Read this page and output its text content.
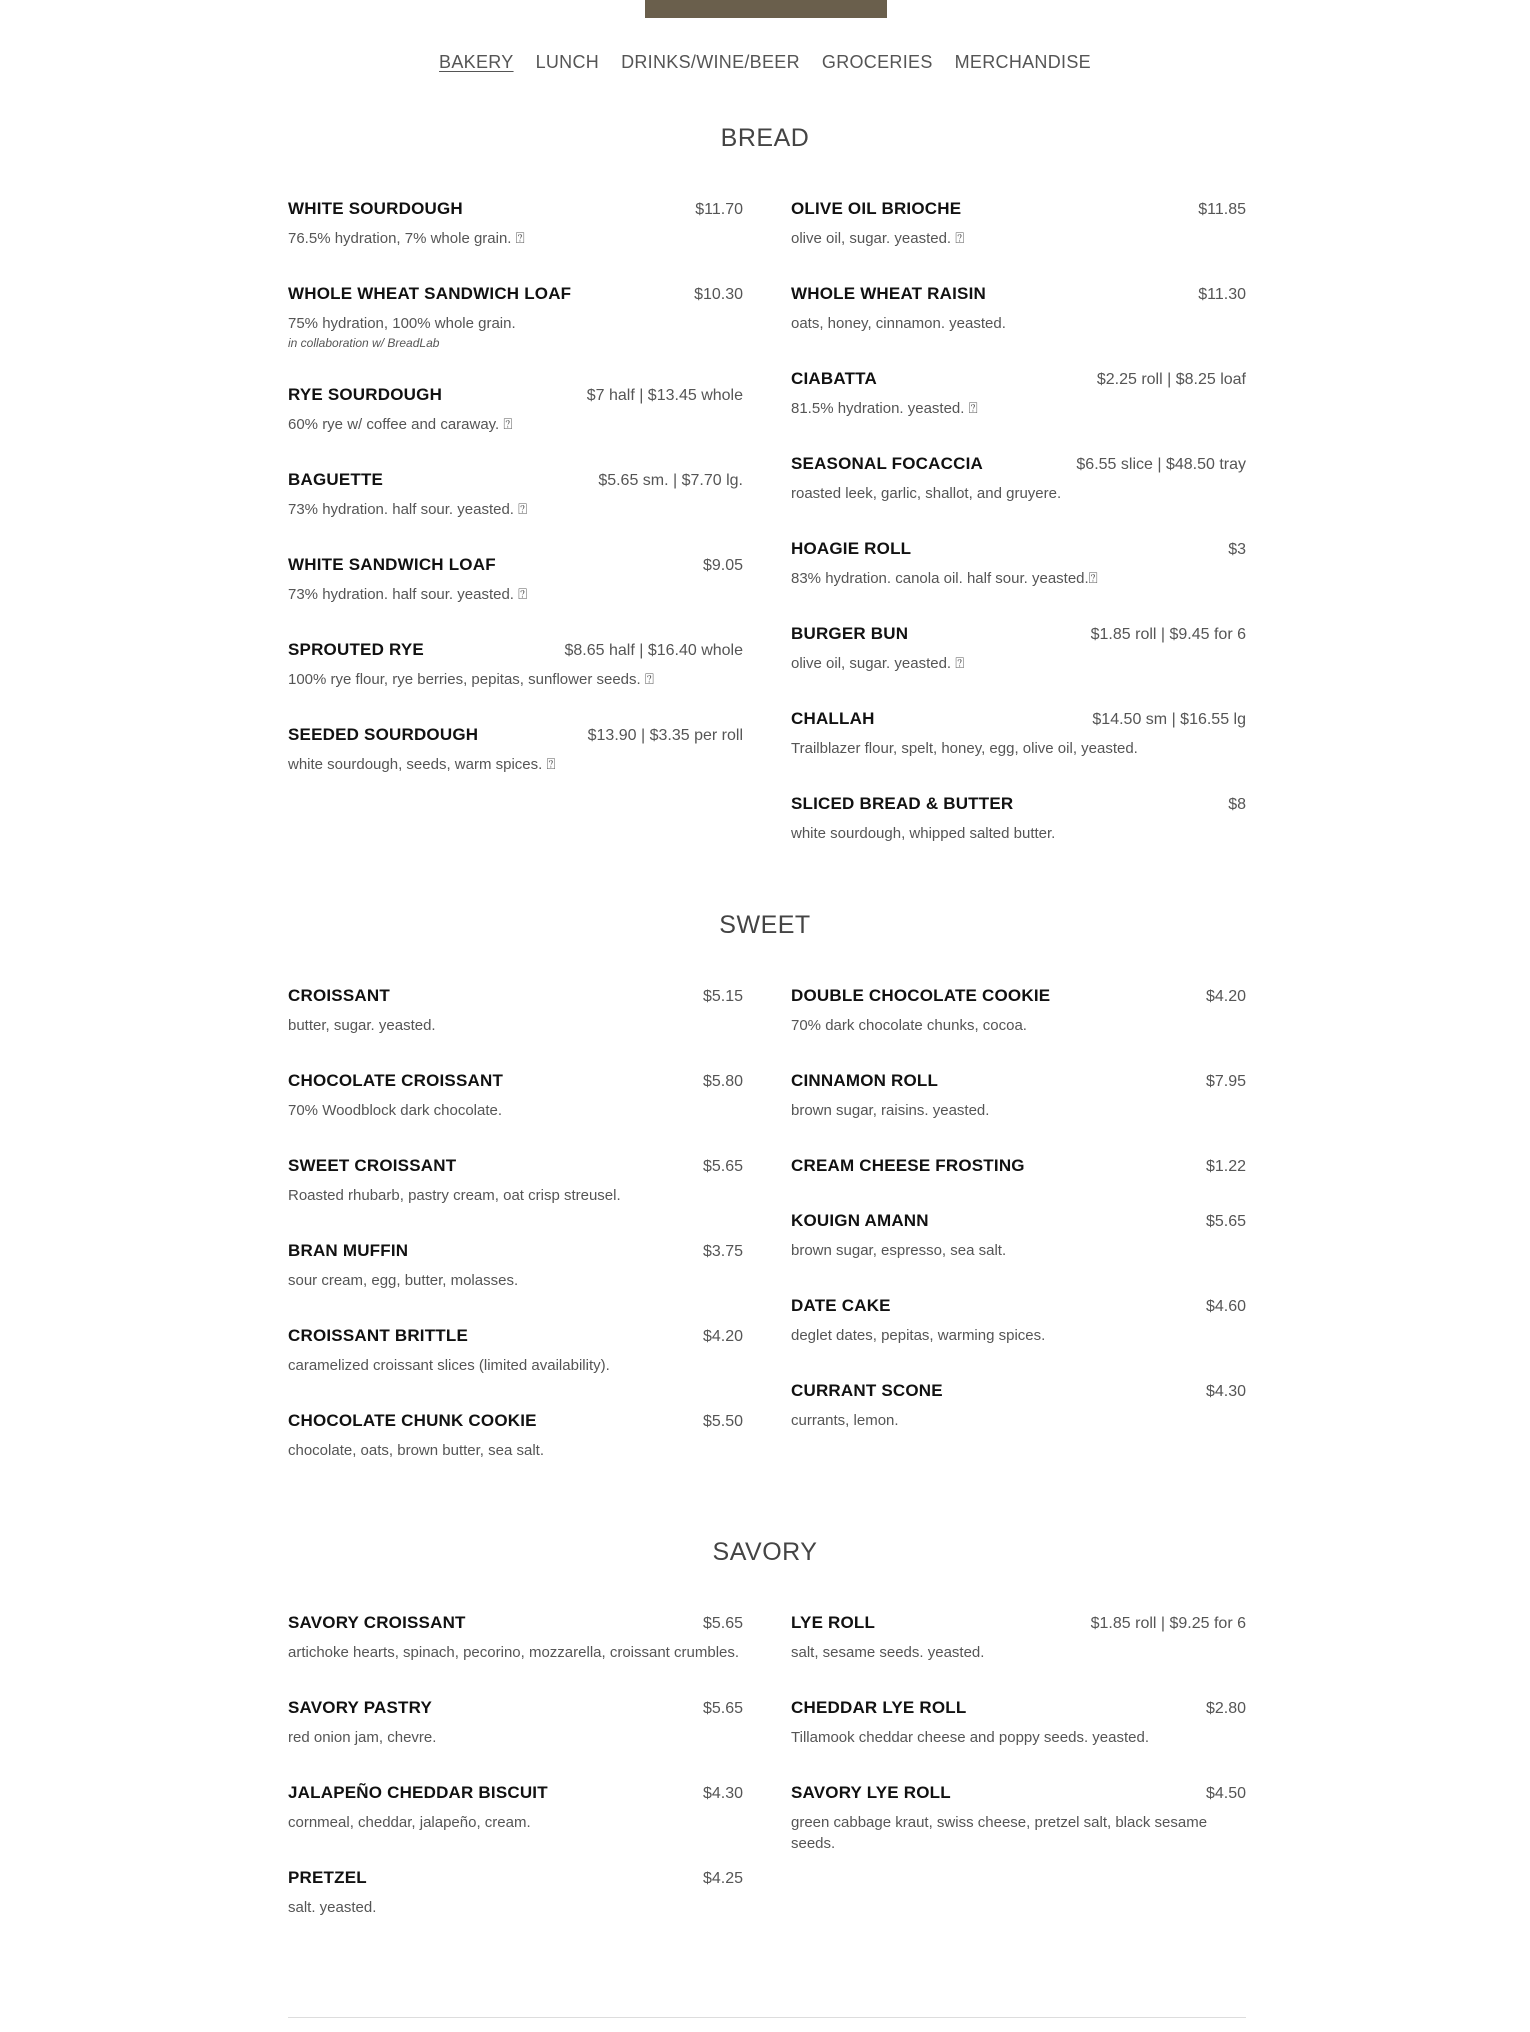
BAKERY LUNCH DRINKS/WINE/BEER GROCERIES MERCHANDISE
BREAD
WHITE SOURDOUGH	$11.70
76.5% hydration, 7% whole grain. ⍰
WHOLE WHEAT SANDWICH LOAF	$10.30
75% hydration, 100% whole grain.
in collaboration w/ BreadLab
RYE SOURDOUGH	$7 half | $13.45 whole
60% rye w/ coffee and caraway. ⍰
BAGUETTE	$5.65 sm. | $7.70 lg.
73% hydration. half sour. yeasted. ⍰
WHITE SANDWICH LOAF	$9.05
73% hydration. half sour. yeasted. ⍰
SPROUTED RYE	$8.65 half | $16.40 whole
100% rye flour, rye berries, pepitas, sunflower seeds. ⍰
SEEDED SOURDOUGH	$13.90 | $3.35 per roll
white sourdough, seeds, warm spices. ⍰
OLIVE OIL BRIOCHE	$11.85
olive oil, sugar. yeasted. ⍰
WHOLE WHEAT RAISIN	$11.30
oats, honey, cinnamon. yeasted.
CIABATTA	$2.25 roll | $8.25 loaf
81.5% hydration. yeasted. ⍰
SEASONAL FOCACCIA	$6.55 slice | $48.50 tray
roasted leek, garlic, shallot, and gruyere.
HOAGIE ROLL	$3
83% hydration. canola oil. half sour. yeasted.⍰
BURGER BUN	$1.85 roll | $9.45 for 6
olive oil, sugar. yeasted. ⍰
CHALLAH	$14.50 sm | $16.55 lg
Trailblazer flour, spelt, honey, egg, olive oil, yeasted.
SLICED BREAD & BUTTER	$8
white sourdough, whipped salted butter.
SWEET
CROISSANT	$5.15
butter, sugar. yeasted.
CHOCOLATE CROISSANT	$5.80
70% Woodblock dark chocolate.
SWEET CROISSANT	$5.65
Roasted rhubarb, pastry cream, oat crisp streusel.
BRAN MUFFIN	$3.75
sour cream, egg, butter, molasses.
CROISSANT BRITTLE	$4.20
caramelized croissant slices (limited availability).
CHOCOLATE CHUNK COOKIE	$5.50
chocolate, oats, brown butter, sea salt.
DOUBLE CHOCOLATE COOKIE	$4.20
70% dark chocolate chunks, cocoa.
CINNAMON ROLL	$7.95
brown sugar, raisins. yeasted.
CREAM CHEESE FROSTING	$1.22
KOUIGN AMANN	$5.65
brown sugar, espresso, sea salt.
DATE CAKE	$4.60
deglet dates, pepitas, warming spices.
CURRANT SCONE	$4.30
currants, lemon.
SAVORY
SAVORY CROISSANT	$5.65
artichoke hearts, spinach, pecorino, mozzarella, croissant crumbles.
SAVORY PASTRY	$5.65
red onion jam, chevre.
JALAPEÑO CHEDDAR BISCUIT	$4.30
cornmeal, cheddar, jalapeño, cream.
PRETZEL	$4.25
salt. yeasted.
LYE ROLL	$1.85 roll | $9.25 for 6
salt, sesame seeds. yeasted.
CHEDDAR LYE ROLL	$2.80
Tillamook cheddar cheese and poppy seeds. yeasted.
SAVORY LYE ROLL	$4.50
green cabbage kraut, swiss cheese, pretzel salt, black sesame seeds.
